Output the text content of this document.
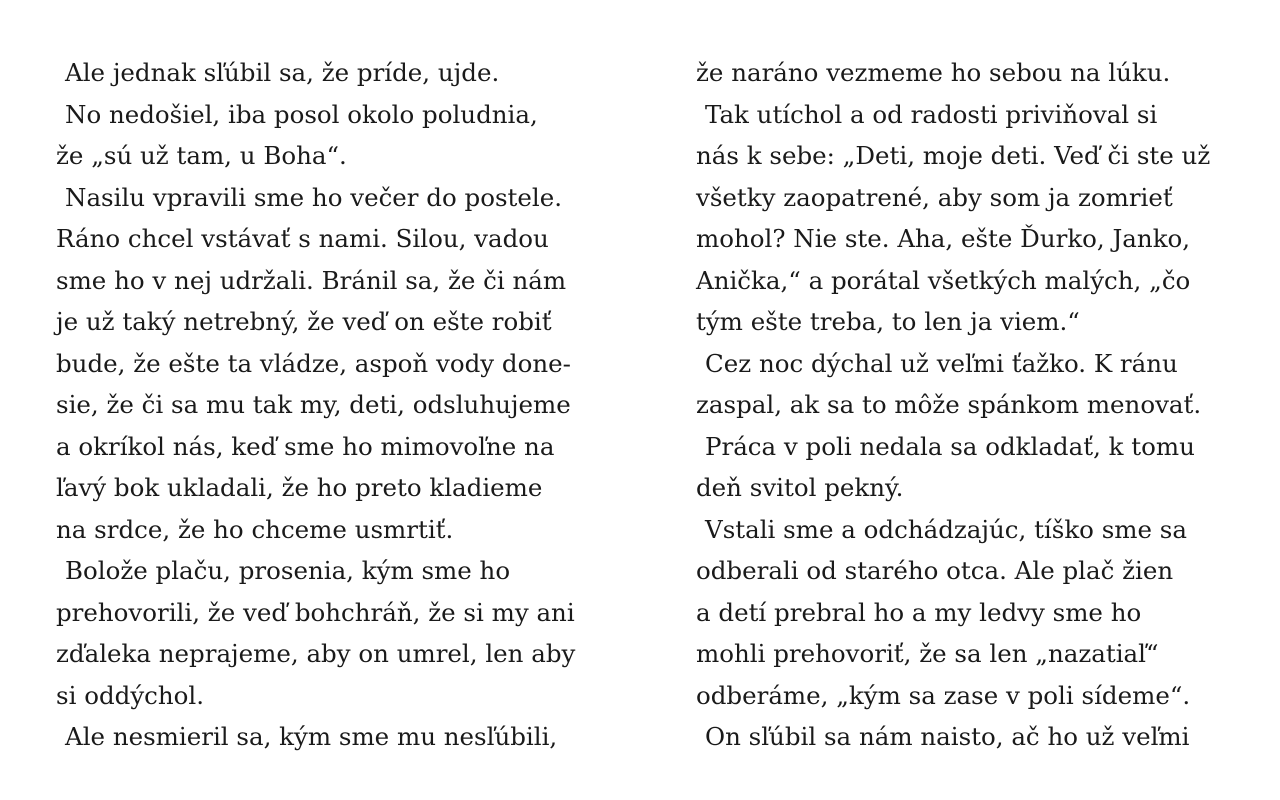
Ale jednak sľúbil sa, že príde, ujde.
No nedošiel, iba posol okolo poludnia,
že „sú už tam, u Boha“.
Nasilu vpravili sme ho večer do postele.
Ráno chcel vstávať s nami. Silou, vadou
sme ho v nej udržali. Bránil sa, že či nám
je už taký netrebný, že veď on ešte robiť
bude, že ešte ta vládze, aspoň vody done-
sie, že či sa mu tak my, deti, odsluhujeme
a okríkol nás, keď sme ho mimovoľne na
ľavý bok ukladali, že ho preto kladieme
na srdce, že ho chceme usmrtiť.
Bolože plaču, prosenia, kým sme ho
prehovorili, že veď bohchráň, že si my ani
zďaleka neprajeme, aby on umrel, len aby
si oddýchol.
Ale nesmieril sa, kým sme mu nesľúbili,
že naráno vezmeme ho sebou na lúku.
Tak utíchol a od radosti priviňoval si
nás k sebe: „Deti, moje deti. Veď či ste už
všetky zaopatrené, aby som ja zomrieť
mohol? Nie ste. Aha, ešte Ďurko, Janko,
Anička,“ a porátal všetkých malých, „čo
tým ešte treba, to len ja viem.“
Cez noc dýchal už veľmi ťažko. K ránu
zaspal, ak sa to môže spánkom menovať.
Práca v poli nedala sa odkladať, k tomu
deň svitol pekný.
Vstali sme a odchádzajúc, tíško sme sa
odberali od starého otca. Ale plač žien
a detí prebral ho a my ledvy sme ho
mohli prehovoriť, že sa len „nazatiaľ“
odberáme, „kým sa zase v poli sídeme“.
On sľúbil sa nám naisto, ač ho už veľmi
